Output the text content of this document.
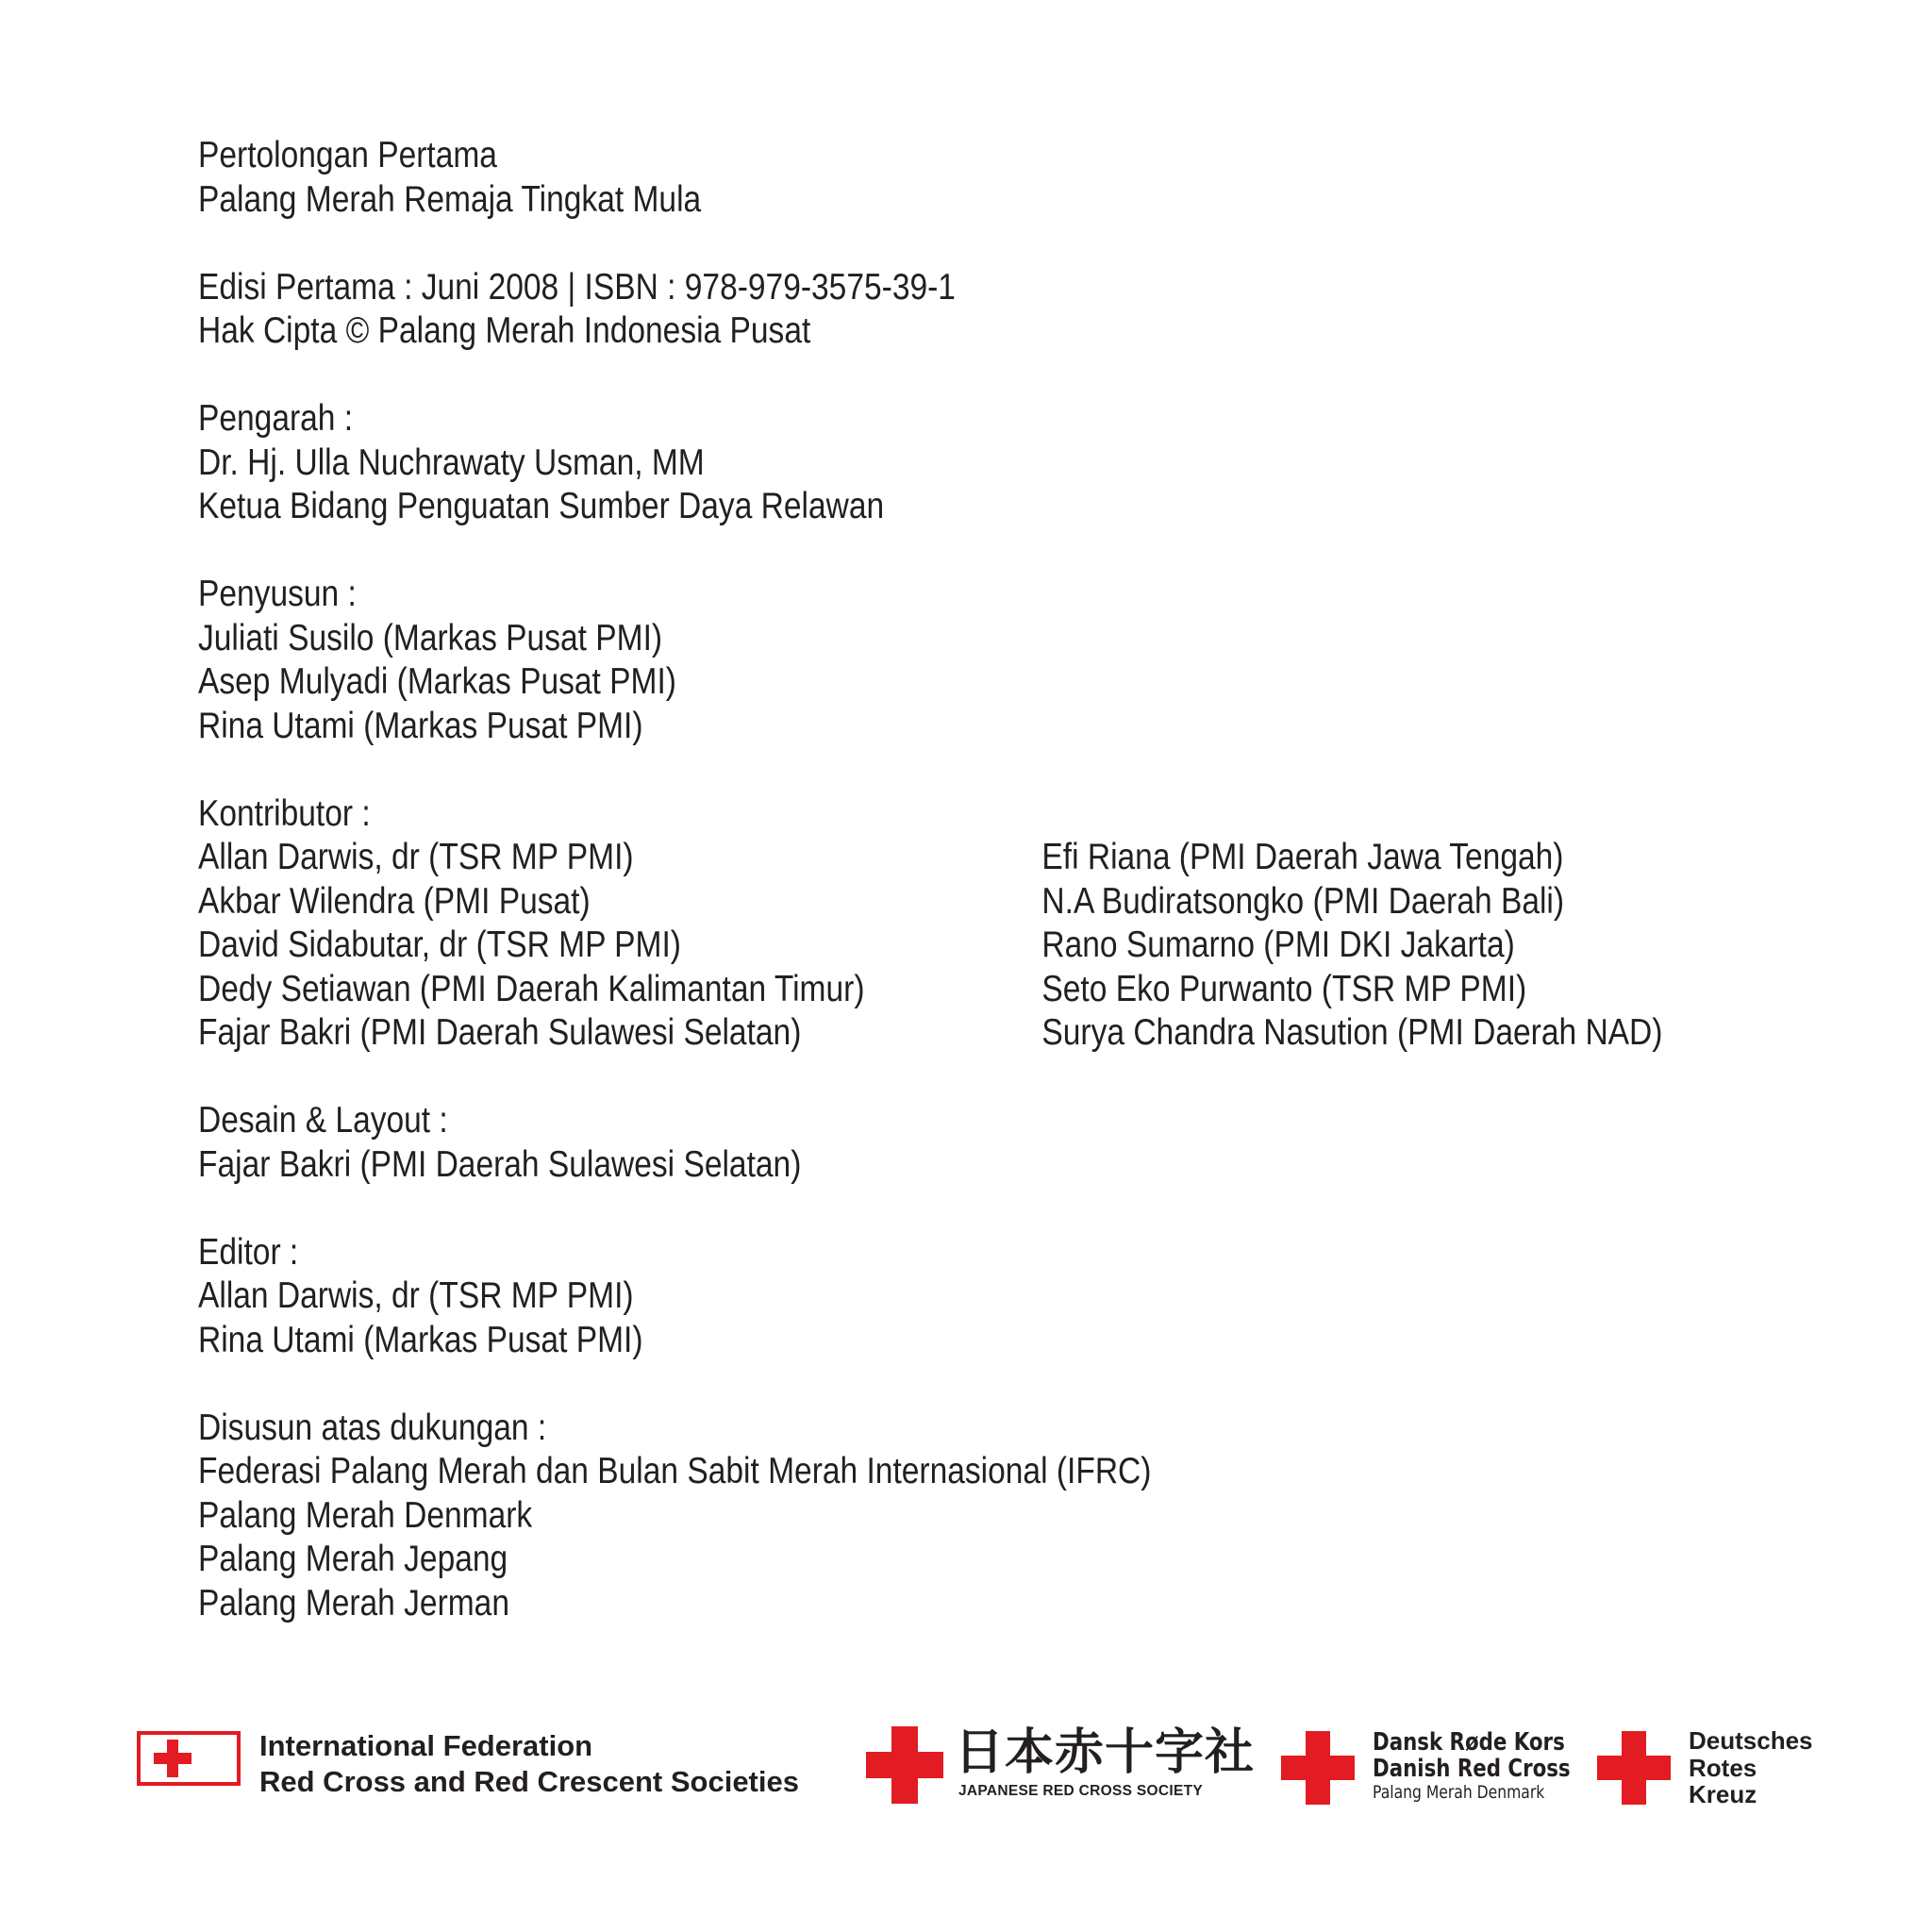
Pertolongan Pertama
Palang Merah Remaja Tingkat Mula
Edisi Pertama : Juni 2008 | ISBN : 978-979-3575-39-1
Hak Cipta © Palang Merah Indonesia Pusat
Pengarah :
Dr. Hj. Ulla Nuchrawaty Usman, MM
Ketua Bidang Penguatan Sumber Daya Relawan
Penyusun :
Juliati Susilo (Markas Pusat PMI)
Asep Mulyadi (Markas Pusat PMI)
Rina Utami (Markas Pusat PMI)
Kontributor :
Allan Darwis, dr (TSR MP PMI)
Akbar Wilendra (PMI Pusat)
David Sidabutar, dr (TSR MP PMI)
Dedy Setiawan (PMI Daerah Kalimantan Timur)
Fajar Bakri (PMI Daerah Sulawesi Selatan)
Efi Riana (PMI Daerah Jawa Tengah)
N.A Budiratsongko (PMI Daerah Bali)
Rano Sumarno (PMI DKI Jakarta)
Seto Eko Purwanto (TSR MP PMI)
Surya Chandra Nasution (PMI Daerah NAD)
Desain & Layout :
Fajar Bakri (PMI Daerah Sulawesi Selatan)
Editor :
Allan Darwis, dr (TSR MP PMI)
Rina Utami (Markas Pusat PMI)
Disusun atas dukungan :
Federasi Palang Merah dan Bulan Sabit Merah Internasional (IFRC)
Palang Merah Denmark
Palang Merah Jepang
Palang Merah Jerman
International Federation
Red Cross and Red Crescent Societies
日本赤十字社
JAPANESE RED CROSS SOCIETY
Dansk Røde Kors
Danish Red Cross
Palang Merah Denmark
Deutsches
Rotes
Kreuz
